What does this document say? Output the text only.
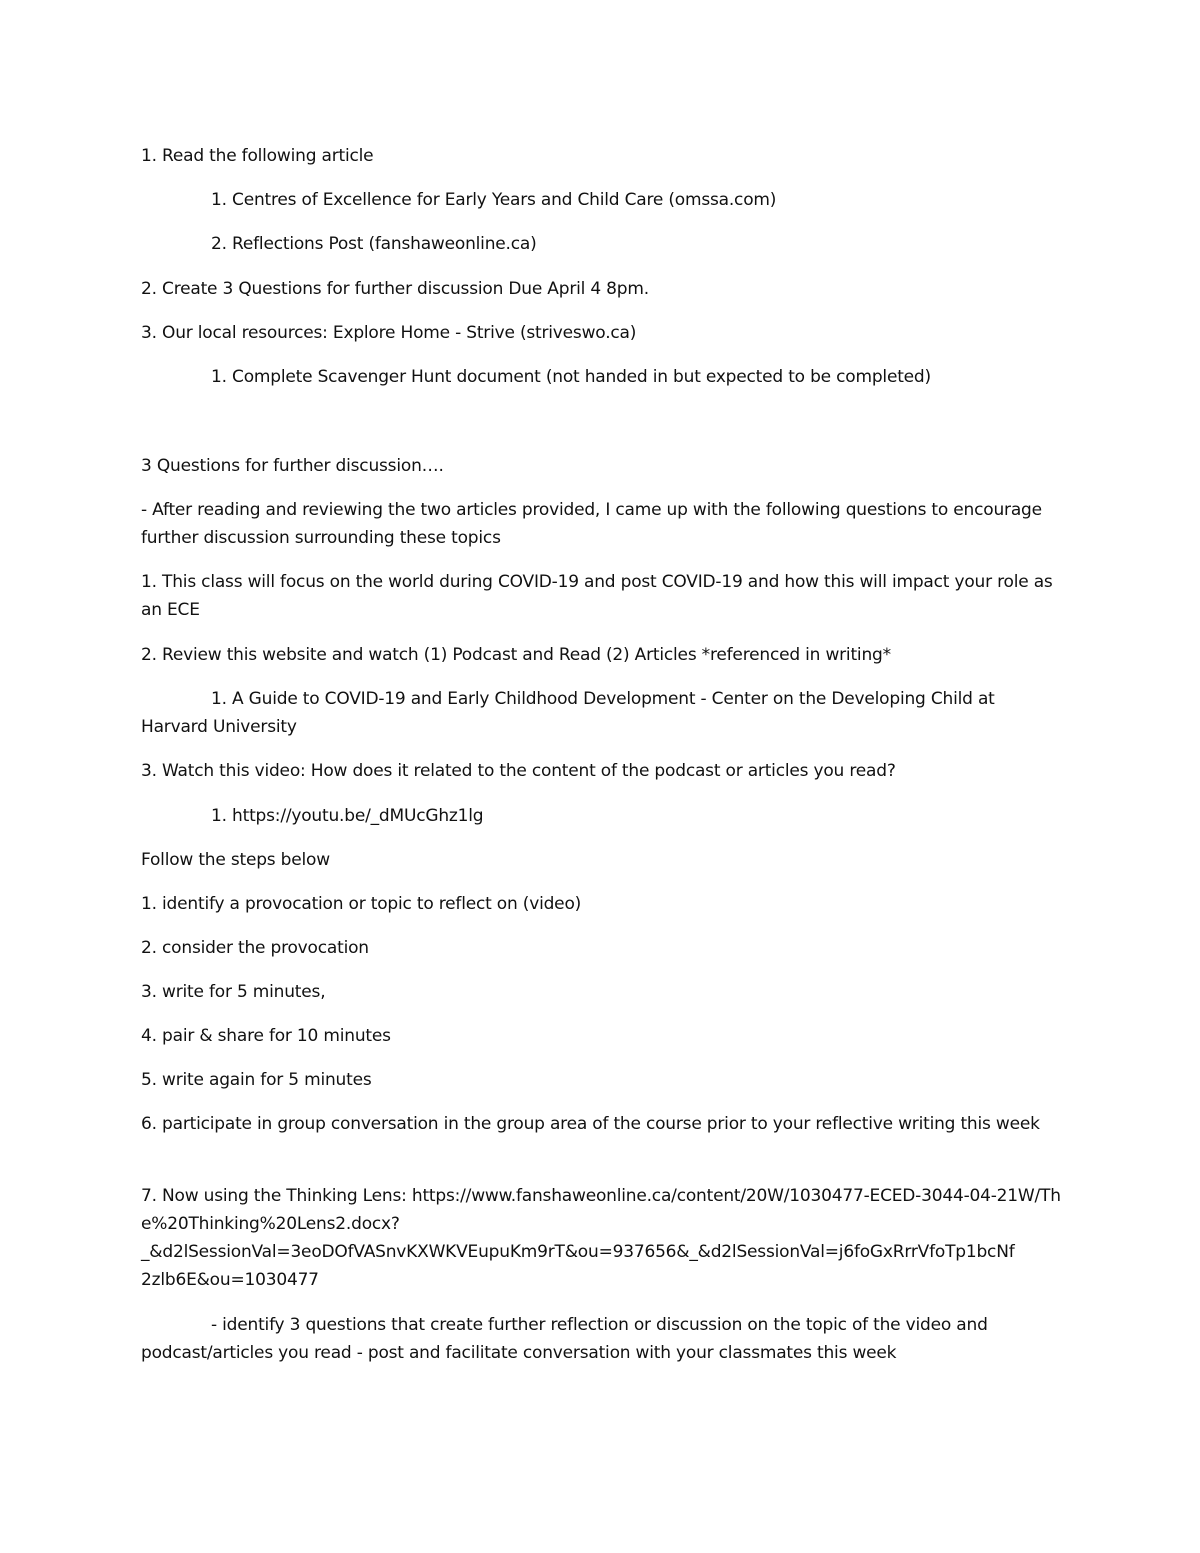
1. Read the following article
1. Centres of Excellence for Early Years and Child Care (omssa.com)
2. Reflections Post (fanshaweonline.ca)
2. Create 3 Questions for further discussion Due April 4 8pm.
3. Our local resources: Explore Home - Strive (striveswo.ca)
1. Complete Scavenger Hunt document (not handed in but expected to be completed)
3 Questions for further discussion….
- After reading and reviewing the two articles provided, I came up with the following questions to encourage further discussion surrounding these topics
1. This class will focus on the world during COVID-19 and post COVID-19 and how this will impact your role as an ECE
2. Review this website and watch (1) Podcast and Read (2) Articles *referenced in writing*
1. A Guide to COVID-19 and Early Childhood Development - Center on the Developing Child at Harvard University
3. Watch this video: How does it related to the content of the podcast or articles you read?
1. https://youtu.be/_dMUcGhz1lg
Follow the steps below
1. identify a provocation or topic to reflect on (video)
2. consider the provocation
3. write for 5 minutes,
4. pair & share for 10 minutes
5. write again for 5 minutes
6. participate in group conversation in the group area of the course prior to your reflective writing this week
7. Now using the Thinking Lens: https://www.fanshaweonline.ca/content/20W/1030477-ECED-3044-04-21W/The%20Thinking%20Lens2.docx?
_&d2lSessionVal=3eoDOfVASnvKXWKVEupuKm9rT&ou=937656&_&d2lSessionVal=j6foGxRrrVfoTp1bcNf
2zlb6E&ou=1030477
- identify 3 questions that create further reflection or discussion on the topic of the video and
podcast/articles you read - post and facilitate conversation with your classmates this week
